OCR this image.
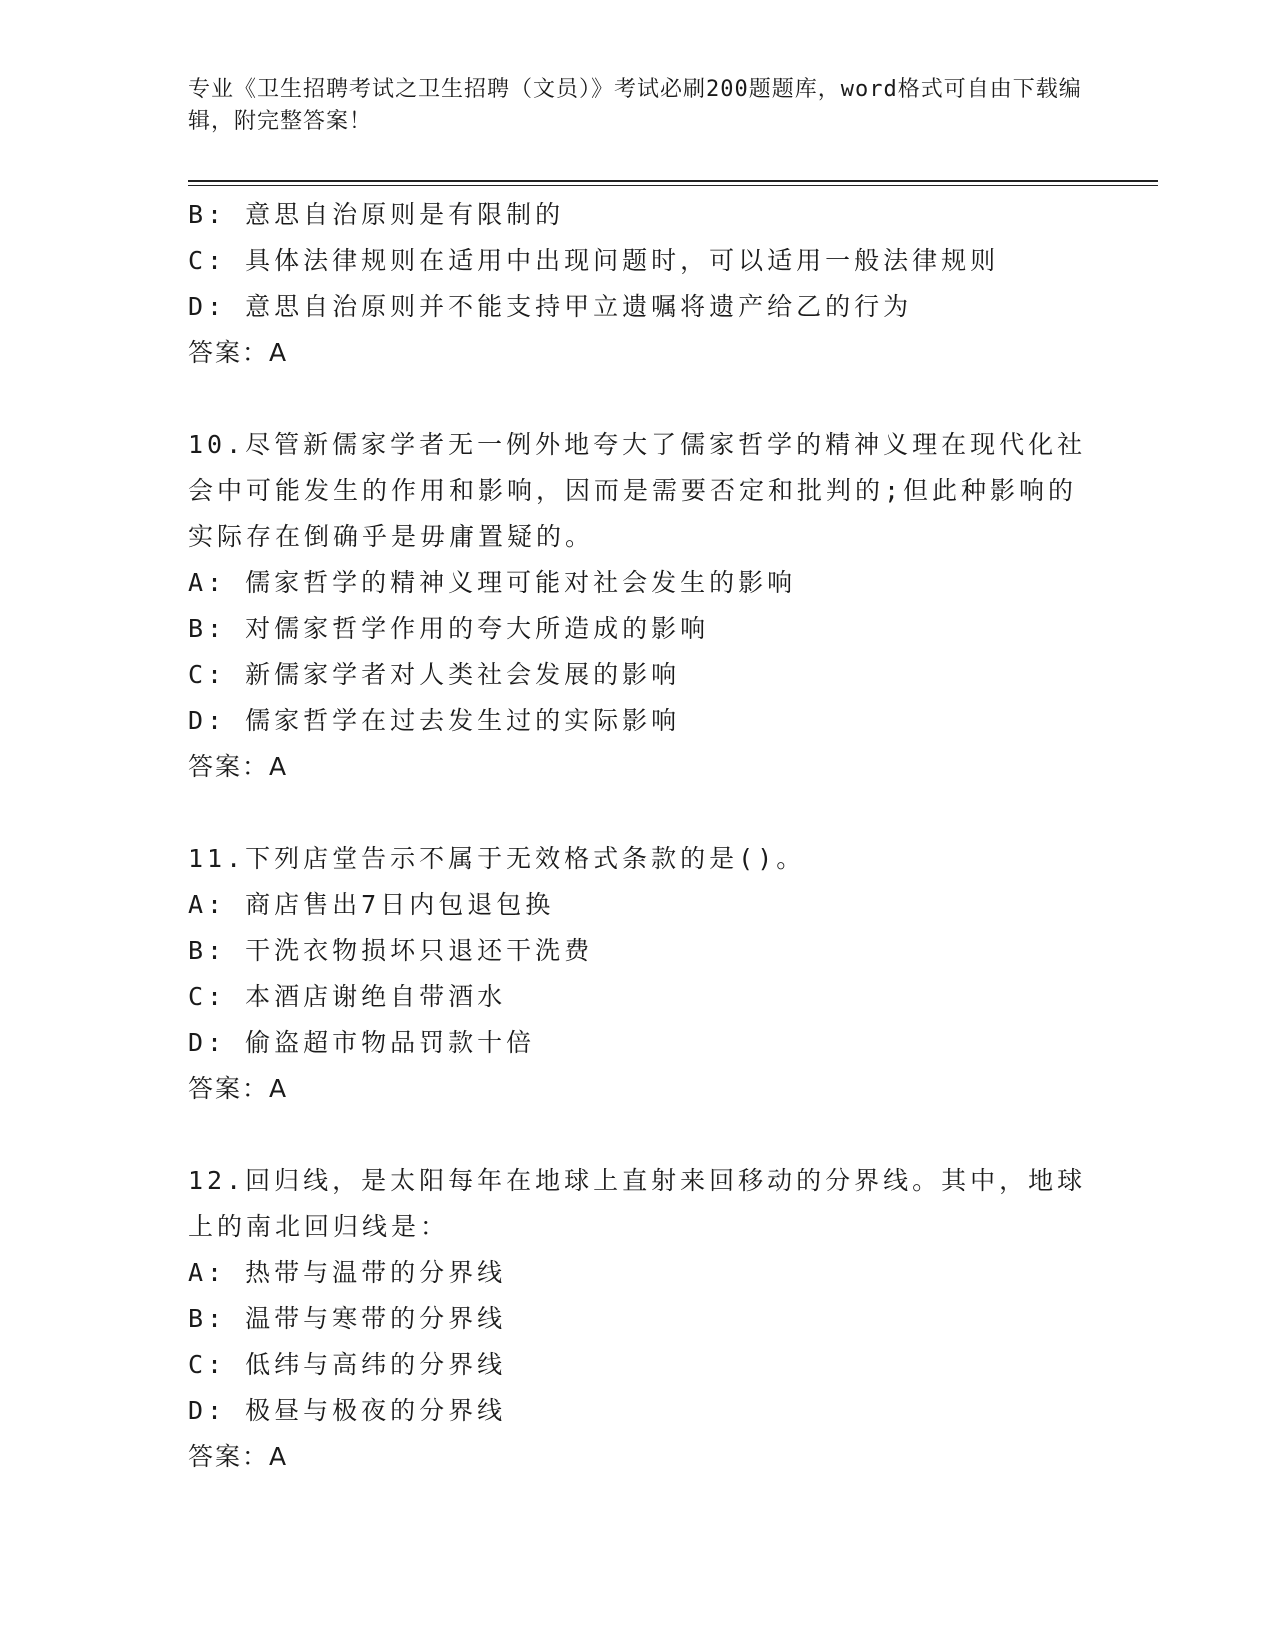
专业《卫生招聘考试之卫生招聘（文员）》考试必刷200题题库，word格式可自由下载编辑，附完整答案！
B: 意思自治原则是有限制的
C: 具体法律规则在适用中出现问题时，可以适用一般法律规则
D: 意思自治原则并不能支持甲立遗嘱将遗产给乙的行为
答案：A
10.尽管新儒家学者无一例外地夸大了儒家哲学的精神义理在现代化社会中可能发生的作用和影响，因而是需要否定和批判的;但此种影响的实际存在倒确乎是毋庸置疑的。
A: 儒家哲学的精神义理可能对社会发生的影响
B: 对儒家哲学作用的夸大所造成的影响
C: 新儒家学者对人类社会发展的影响
D: 儒家哲学在过去发生过的实际影响
答案：A
11.下列店堂告示不属于无效格式条款的是()。
A: 商店售出7日内包退包换
B: 干洗衣物损坏只退还干洗费
C: 本酒店谢绝自带酒水
D: 偷盗超市物品罚款十倍
答案：A
12.回归线，是太阳每年在地球上直射来回移动的分界线。其中，地球上的南北回归线是：
A: 热带与温带的分界线
B: 温带与寒带的分界线
C: 低纬与高纬的分界线
D: 极昼与极夜的分界线
答案：A
